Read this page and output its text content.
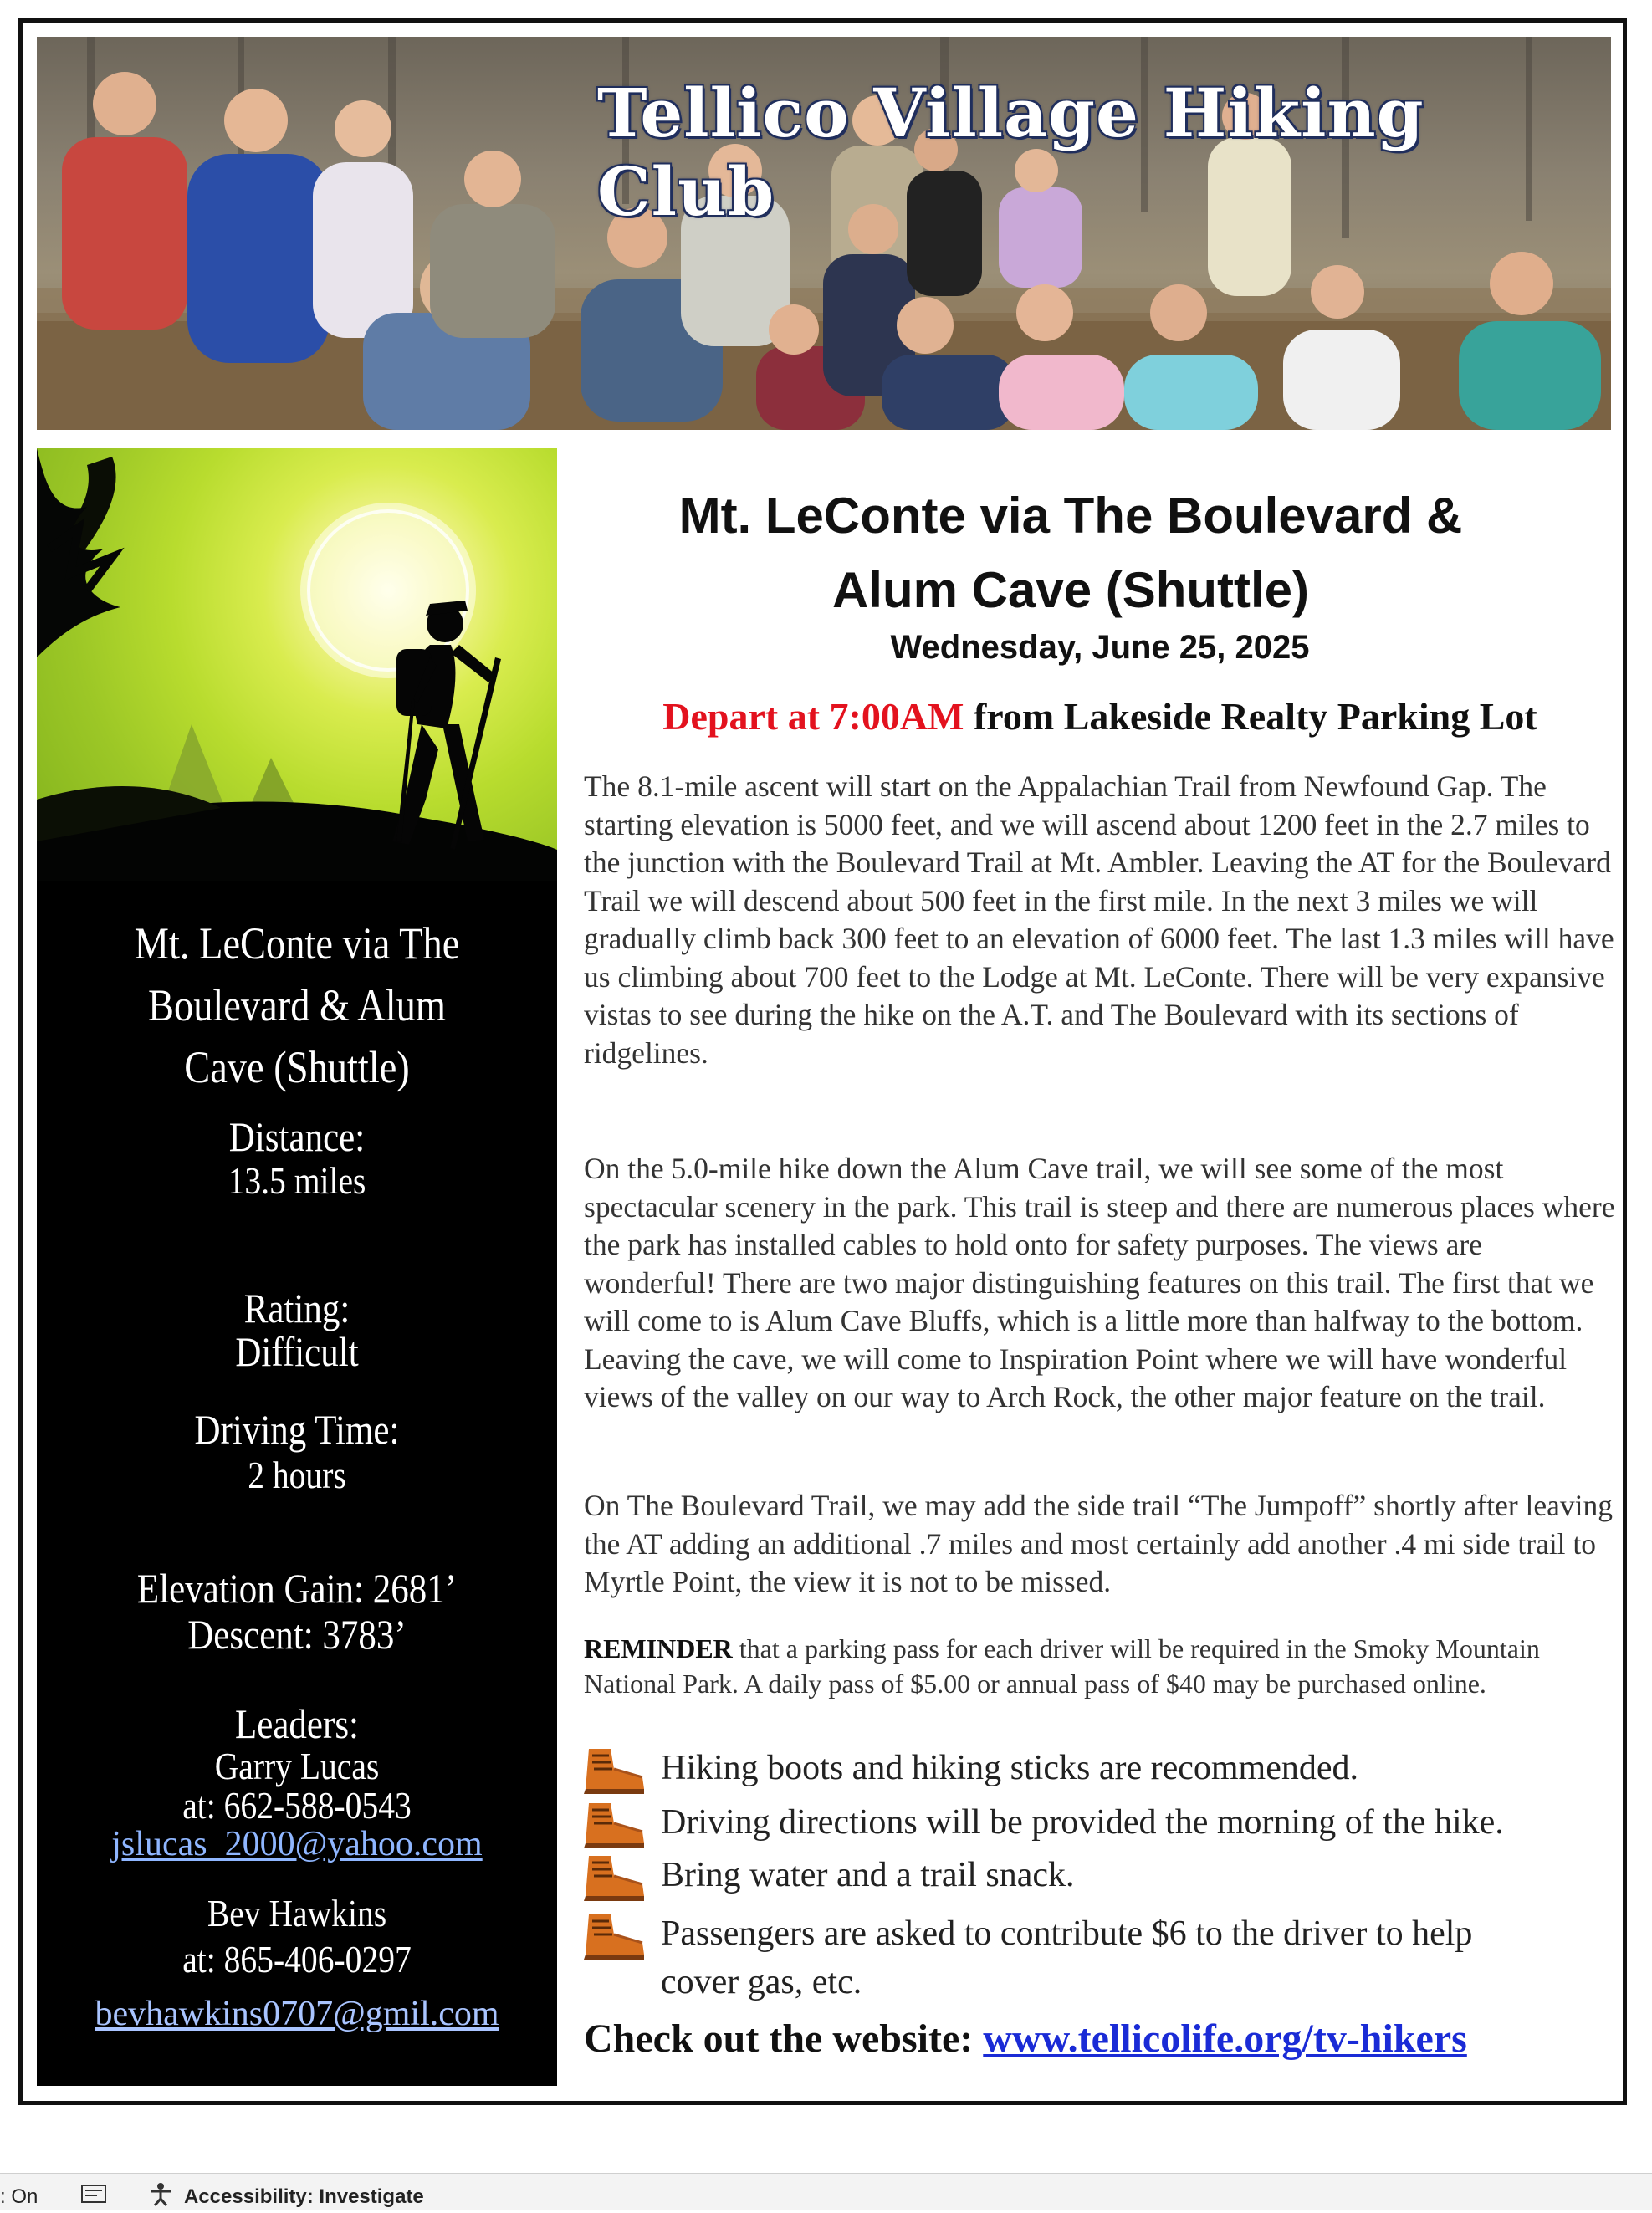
Tellico Village Hiking Club
Mt. LeConte via The
Boulevard & Alum
Cave (Shuttle)
Distance:
13.5 miles
Rating:
Difficult
Driving Time:
2 hours
Elevation Gain: 2681’
Descent: 3783’
Leaders:
Garry Lucas
at: 662-588-0543
jslucas_2000@yahoo.com
Bev Hawkins
at: 865-406-0297
bevhawkins0707@gmil.com
Mt. LeConte via The Boulevard &
Alum Cave (Shuttle)
Wednesday, June 25, 2025
Depart at 7:00AM from Lakeside Realty Parking Lot

The 8.1-mile ascent will start on the Appalachian Trail from Newfound Gap. The starting elevation is 5000 feet, and we will ascend about 1200 feet in the 2.7 miles to the junction with the Boulevard Trail at Mt. Ambler. Leaving the AT for the Boulevard Trail we will descend about 500 feet in the first mile. In the next 3 miles we will gradually climb back 300 feet to an elevation of 6000 feet. The last 1.3 miles will have us climbing about 700 feet to the Lodge at Mt. LeConte. There will be very expansive vistas to see during the hike on the A.T. and The Boulevard with its sections of ridgelines.

On the 5.0-mile hike down the Alum Cave trail, we will see some of the most spectacular scenery in the park. This trail is steep and there are numerous places where the park has installed cables to hold onto for safety purposes. The views are wonderful! There are two major distinguishing features on this trail. The first that we will come to is Alum Cave Bluffs, which is a little more than halfway to the bottom. Leaving the cave, we will come to Inspiration Point where we will have wonderful views of the valley on our way to Arch Rock, the other major feature on the trail.

On The Boulevard Trail, we may add the side trail “The Jumpoff” shortly after leaving the AT adding an additional .7 miles and most certainly add another .4 mi side trail to Myrtle Point, the view it is not to be missed.

REMINDER that a parking pass for each driver will be required in the Smoky Mountain National Park. A daily pass of $5.00 or annual pass of $40 may be purchased online.

Hiking boots and hiking sticks are recommended.
Driving directions will be provided the morning of the hike.
Bring water and a trail snack.
Passengers are asked to contribute $6 to the driver to help cover gas, etc.

Check out the website: www.tellicolife.org/tv-hikers

: On	Accessibility: Investigate
